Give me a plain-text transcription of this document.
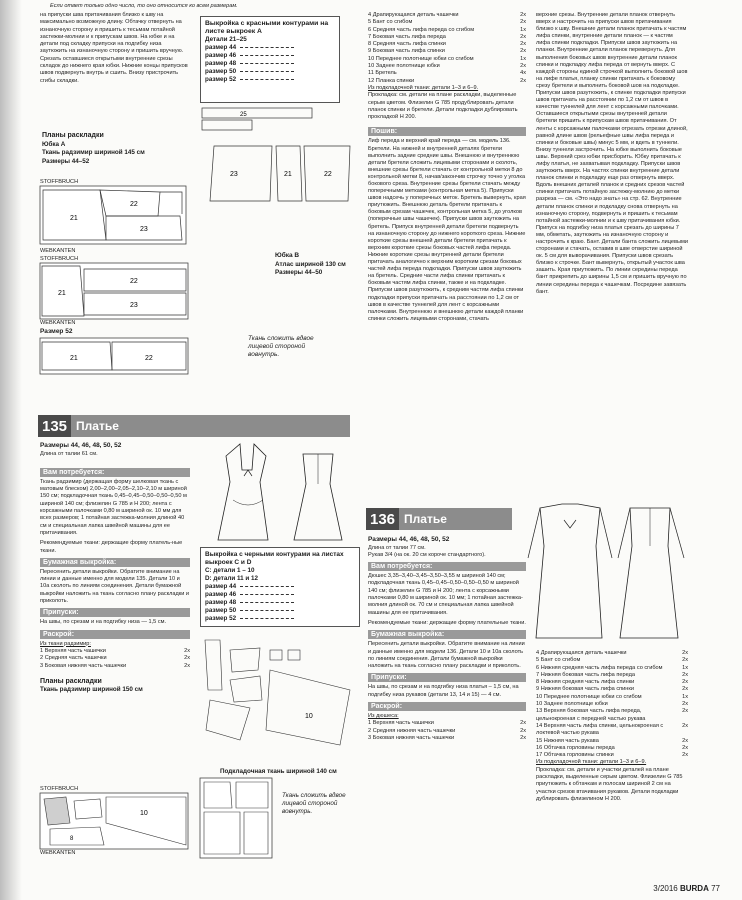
Если ответ только одно число, то оно относится ко всем размерам.
на припуски шва притачивания близко к шву на максимально возможную длину. Обтачку отвернуть на изнаночную сторону и пришить к тесьмам потайной застежки-молнии и к припускам швов. На юбке и на детали под складку припуски на подгибку низа заутюжить на изнаночную сторону и пришить вручную. Срезать оставшиеся открытыми внутренние срезы складок до нижнего края юбки. Нижние концы припусков швов подвернуть внутрь и сшить. Внизу пристрочить сгибы складки.
Планы раскладки
Юбка А
Ткань радзимир шириной 145 см
Размеры 44–52
STOFFBRUCH
21
22
23
WEBKANTEN
STOFFBRUCH
21
22
23
WEBKANTEN
Размер 52
21	22
Выкройка с красными контурами на листе выкроек А
Детали 21–25
размер 44
размер 46
размер 48
размер 50
размер 52
25
23	21	22
Юбка В
Атлас шириной 130 см
Размеры 44–50
Ткань сложить вдвое лицевой стороной вовнутрь.
135 Платье
Размеры 44, 46, 48, 50, 52
Длина от талии 61 см.
Вам потребуется:
Ткань радзимир (держащая форму шелковая ткань с матовым блеском) 2,00–2,00–2,05–2,10–2,10 м шириной 150 см; подкладочная ткань 0,45–0,45–0,50–0,50–0,50 м шириной 140 см; флизелин G 785 и H 200; лента с корсажными палочками 0,80 м шириной ок. 10 мм для всех размеров; 1 потайная застежка-молния длиной 40 см и специальная лапка швейной машины для ее притачивания.
Рекомендуемые ткани: держащие форму платель-ные ткани.
Бумажная выкройка:
Пересенить детали выкройки. Обратите внимание на линии и данные именно для модели 135. Детали 10 и 10а сколоть по линиям соединения. Детали бумажной выкройки наложить на ткань согласно плану раскладки и приколоть.
Припуски:
На швы, по срезам и на подгибку низа — 1,5 см.
Раскрой:
Из ткани радзимир:
1 Верхняя часть чашечки	2x
2 Средняя часть чашечки	2x
3 Боковая нижняя часть чашечки	2x
Планы раскладки
Ткань радзимир шириной 150 см
STOFFBRUCH
10
8
WEBKANTEN
Выкройка с черными контурами на листах выкроек С и D
С: детали 1 – 10
D: детали 11 и 12
размер 44
размер 46
размер 48
размер 50
размер 52
10
Подкладочная ткань шириной 140 см
Ткань сложить вдвое лицевой стороной вовнутрь.
4 Драпирующаяся деталь чашечки	2x
5 Бант со сгибом	2x
6 Средняя часть лифа переда со сгибом	1x
7 Боковая часть лифа переда	2x
8 Средняя часть лифа спинки	2x
9 Боковая часть лифа спинки	2x
10 Переднее полотнище юбки со сгибом	1x
10 Заднее полотнище юбки	2x
11 Бретель	4x
12 Планка спинки	2x
Из подкладочной ткани: детали 1–3 и 6–9.
Прокладка: см. детали на плане раскладки, выделенные серым цветом. Флизелин G 785 продублировать детали планок спинки и бретели. Детали подкладки дублировать прокладкой Н 200.
Пошив:
Лиф переда и верхний край переда — см. модель 136. Бретели. На нижней и внутренней деталях бретели выполнить задние средние швы. Внешнюю и внутреннюю детали бретели сложить лицевыми сторонами и сколоть, внешние срезы бретели стачать от контрольной метки 8 до контрольной метки 8, начав/закончив строчку точно у уголка бокового среза. Внутренние срезы бретели стачать между поперечными метками (контрольная метка 5). Припуски швов надсечь у поперечных меток. Бретель вывернуть, края приутюжить. Внешнюю деталь бретели притачать к боковым срезам чашечек, контрольная метка 5, до уголков (поперечные швы чашечек). Припуски швов заутюжить на бретель. Припуск внутренней детали бретели подвернуть на изнаночную сторону до нижнего короткого среза. Нижние короткие срезы внешней детали бретели притачать к верхним короткие срезы боковых частей лифа переда. Нижние короткие срезы внутренней детали бретели притачать аналогично к верхним коротким срезам боковых частей лифа переда подкладки. Припуски швов заутюжить на бретель. Средние части лифа спинки притачать к боковым частям лифа спинки, также и на подкладке. Припуски швов разутюжить, к средним частям лифа спинки подкладки припуски притачать на расстоянии по 1,2 см от швов в качестве туннелей для лент с корсажными палочками. Внутреннюю и внешнюю детали каждой планки спинки сложить лицевыми сторонами, стачать
верхние срезы. Внутренние детали планок отвернуть вверх и настрочить на припуски швов притачивания близко к шву. Внешние детали планок притачать к частям лифа спинки, внутренние детали планок — к частям лифа спинки подкладки. Припуски швов заутюжить на планки. Внутренние детали планок перевернуть. Для выполнения боковых швов внутренние детали планок спинки и подкладку лифа переда от вернуть вверх. С каждой стороны единой строчкой выполнить боковой шов на лифе платья, планку спинки притачать к боковому срезу бретели и выполнить боковой шов на подкладке. Припуски швов разутюжить, к спинке подкладки припуски швов притачать на расстоянии по 1,2 см от швов в качестве туннелей для лент с корсажными палочками. Оставшиеся открытыми срезы внутренней детали бретели пришить к припускам швов притачивания. От ленты с корсажными палочками отрезать отрезки длиной, равной длине швов (рельефные швы лифа переда и спинки и боковые швы) минус 5 мм, и вдеть в туннели. Внизу туннели застрочить. На юбке выполнить боковые швы. Верхний срез юбки присборить. Юбку притачать к лифу платья, не захватывая подкладку. Припуски швов заутюжить вверх. На частях спинки внутренние детали планок спинки и подкладку еще раз отвернуть вверх. Вдоль внешних деталей планок и средних срезов частей спинки притачать потайную застежку-молнию до метки разреза — см. «Это надо знать» на стр. 62. Внутренние детали планок спинки и подкладку снова отвернуть на изнаночную сторону, подвернуть и пришить к тесьмам потайной застежки-молнии и к шву притачивания юбки. Припуск на подгибку низа платья срезать до ширины 7 мм, обметать, заутюжить на изнаночную сторону и настрочить к краю. Бант. Детали банта сложить лицевыми сторонами и стачать, оставив в шве отверстие шириной ок. 5 см для выворачивания. Припуски швов срезать близко к строчке. Бант вывернуть, открытый участок шва зашить. Края приутюжить. По линии середины переда бант прикрепить до ширины 1,5 см и пришить вручную по линии середины переда к чашечкам. Посредине завязать бант.
136 Платье
Размеры 44, 46, 48, 50, 52
Длина от талии 77 см.
Рукав 3/4 (на ок. 20 см короче стандартного).
Вам потребуется:
Дюшес 3,35–3,40–3,45–3,50–3,55 м шириной 140 см; подкладочная ткань 0,45–0,45–0,50–0,50–0,50 м шириной 140 см; флизелин G 785 и H 200; лента с корсажными палочками 0,80 м шириной ок. 10 мм; 1 потайная застежка-молния длиной ок. 70 см и специальная лапка швейной машины для ее притачивания.
Рекомендуемые ткани: держащие форму плательные ткани.
Бумажная выкройка:
Пересенить детали выкройки. Обратите внимание на линии и данные именно для модели 136. Детали 10 и 10а сколоть по линиям соединения. Детали бумажной выкройки наложить на ткань согласно плану раскладки и приколоть.
Припуски:
На швы, по срезам и на подгибку низа платья – 1,5 см, на подгибку низа рукавов (детали 13, 14 и 15) — 4 см.
Раскрой:
Из дюшеса:
1 Верхняя часть чашечки	2x
2 Средняя нижняя часть чашечки	2x
3 Боковая нижняя часть чашечки	2x
4 Драпирующаяся деталь чашечки	2x
5 Бант со сгибом	2x
6 Нижняя средняя часть лифа переда со сгибом	1x
7 Нижняя боковая часть лифа переда	2x
8 Нижняя средняя часть лифа спинки	2x
9 Нижняя боковая часть лифа спинки	2x
10 Переднее полотнище юбки со сгибом	1x
10 Заднее полотнище юбки	2x
13 Верхняя боковая часть лифа переда, цельнокроеная с передней частью рукава
2x
14 Верхняя часть лифа спинки, цельнокроеная с локтевой частью рукава
2x
15 Нижняя часть рукава	2x
16 Обтачка горловины переда	2x
17 Обтачка горловины спинки	2x
Из подкладочной ткани: детали 1–3 и 6–9.
Прокладка: см. детали и участки деталей на плане раскладки, выделенные серым цветом. Флизелин G 785 приутюжить к обтачкам и полосам шириной 2 см на участки срезов втачивания рукавов. Детали подкладки дублировать флизелином Н 200.
3/2016 BURDA 77
